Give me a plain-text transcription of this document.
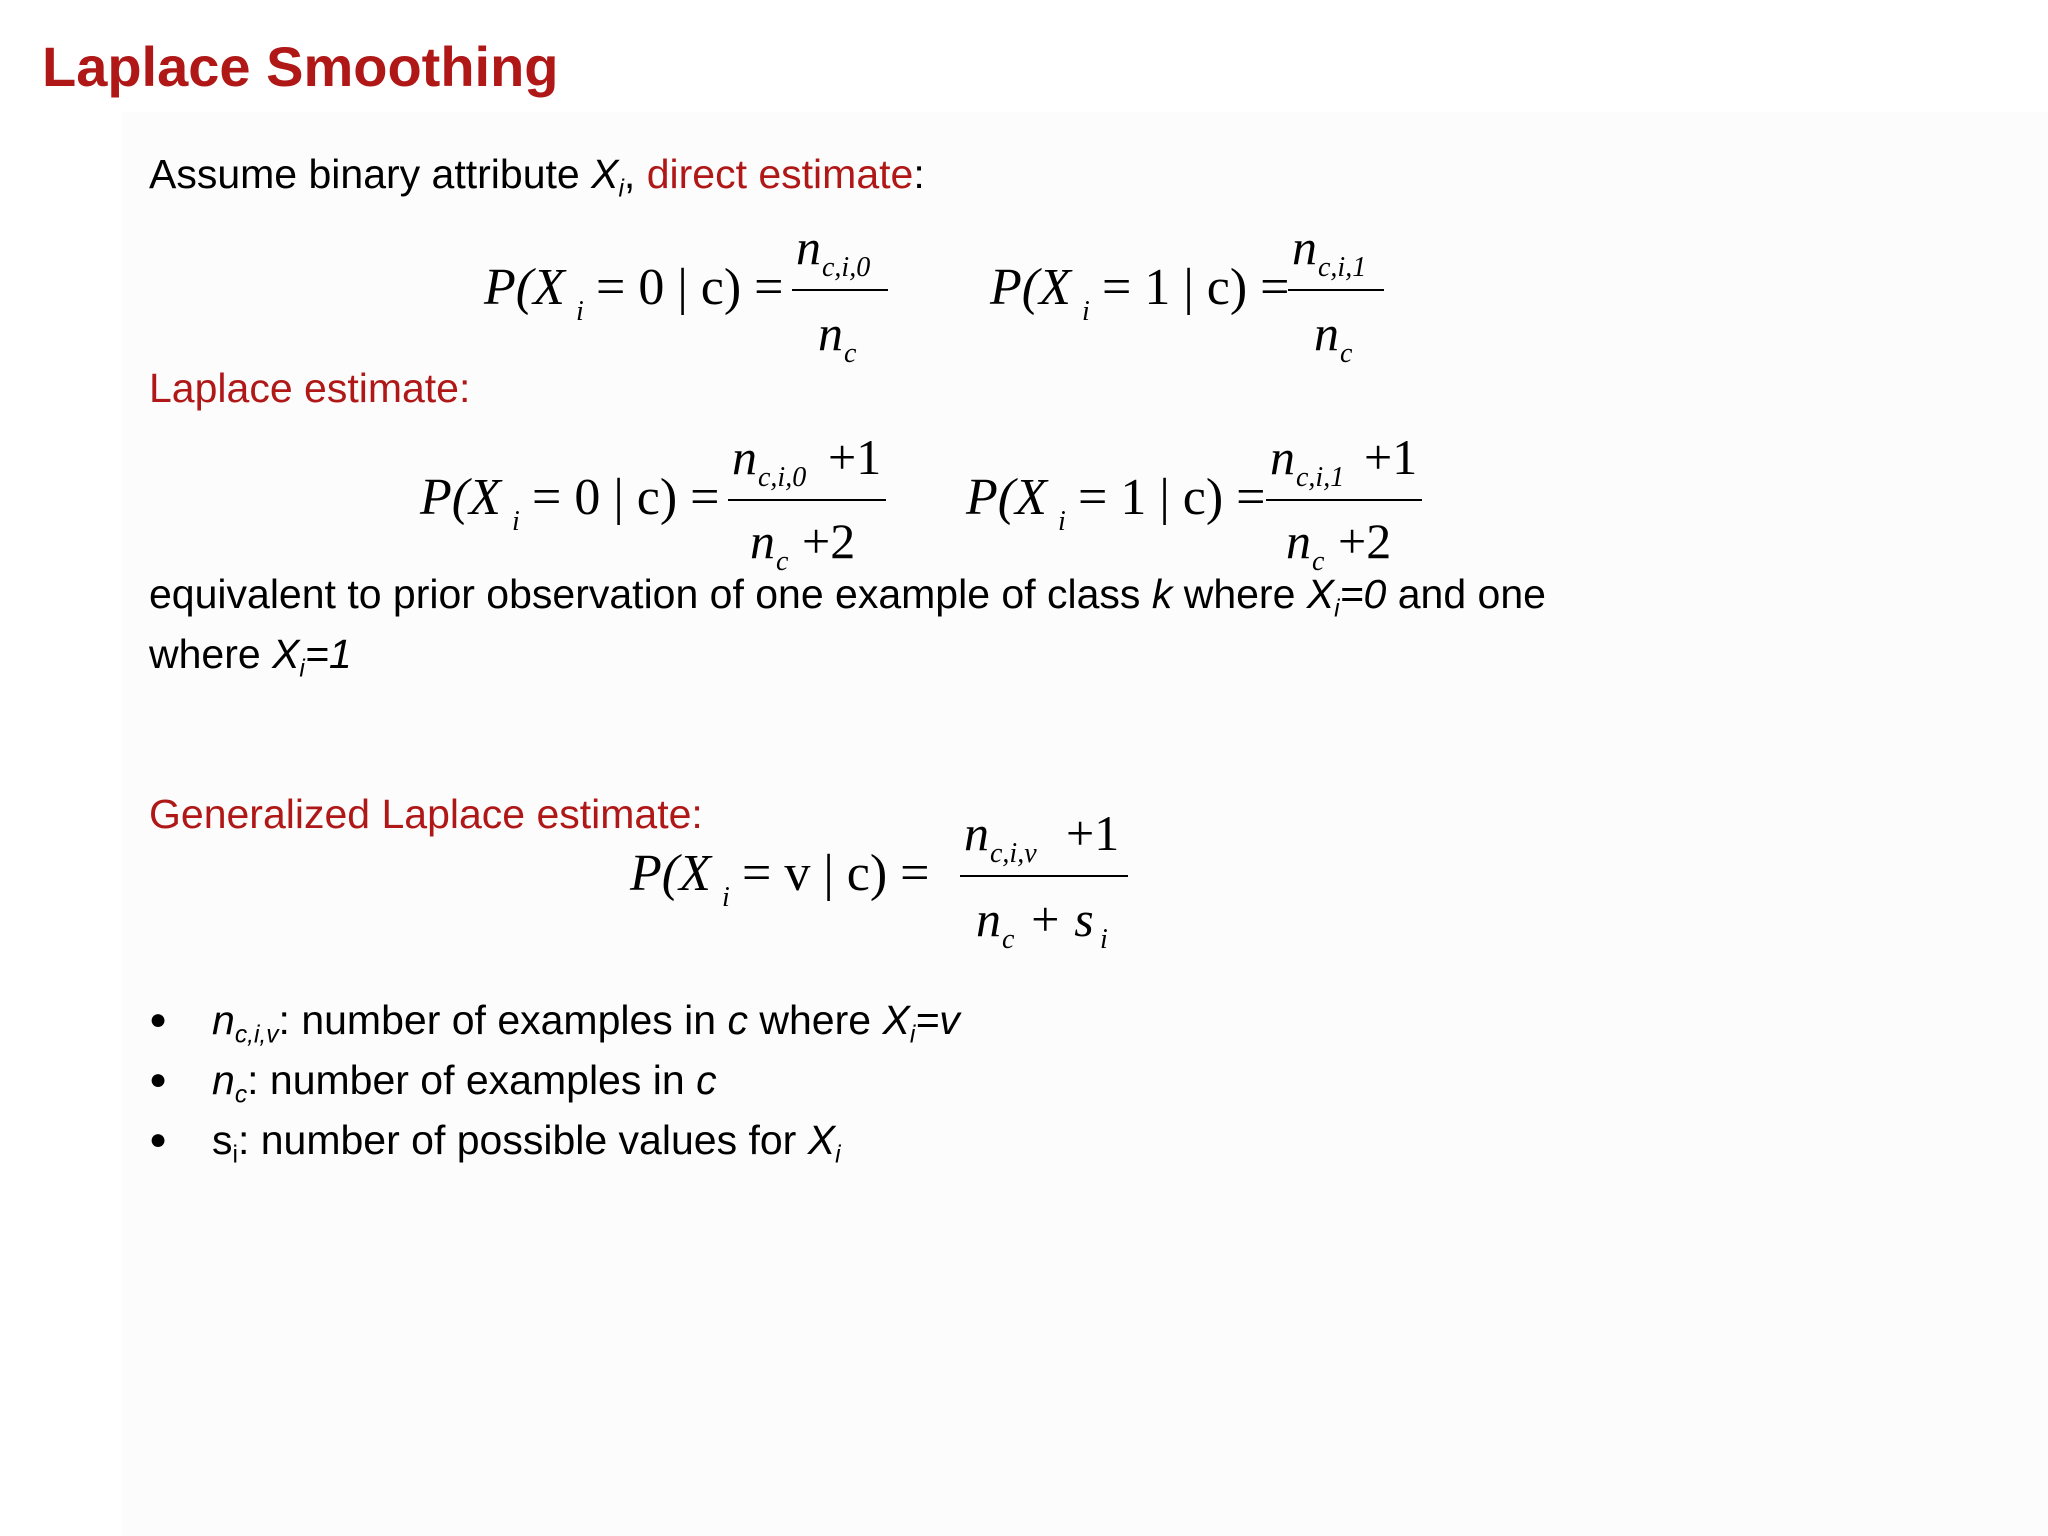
Laplace Smoothing
Assume binary attribute $X_i$, direct estimate:
P(X i = 0 | c) =
n c,i,0
n c
P(X i = 1 | c) =
n c,i,1
n c
Laplace estimate:
P(X i = 0 | c) =
n c,i,0 +1
n c +2
P(X i = 1 | c) =
n c,i,1 +1
n c +2
equivalent to prior observation of one example of class k where $X_i=0$ and one
where $X_i=1$
Generalized Laplace estimate:
P(X i = v | c) =
n c,i,v +1
n c + s i
● $n_{c,i,v}$: number of examples in c where $X_i=v$
● $n_c$: number of examples in c
● $s_i$: number of possible values for $X_i$
